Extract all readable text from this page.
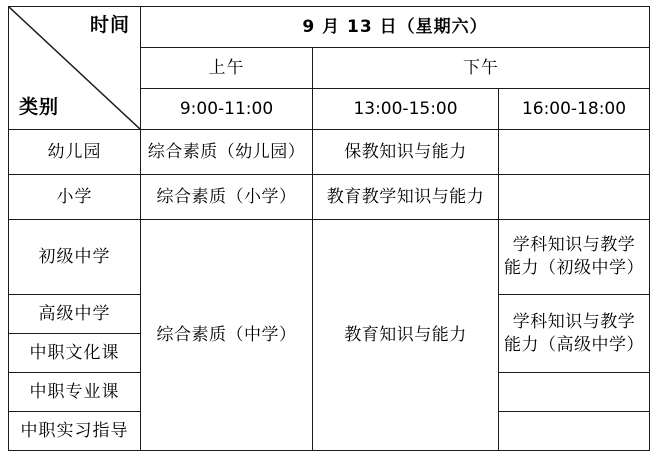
时间
类别	9 月 13 日（星期六）		
	上午	下午	
	9:00-11:00	13:00-15:00	16:00-18:00
幼儿园	综合素质（幼儿园）	保教知识与能力	
小学	综合素质（小学）	教育教学知识与能力	
初级中学	综合素质（中学）	教育知识与能力	学科知识与教学
能力（初级中学）

高级中学			学科知识与教学
能力（高级中学）

中职文化课			
中职专业课			
中职实习指导			
